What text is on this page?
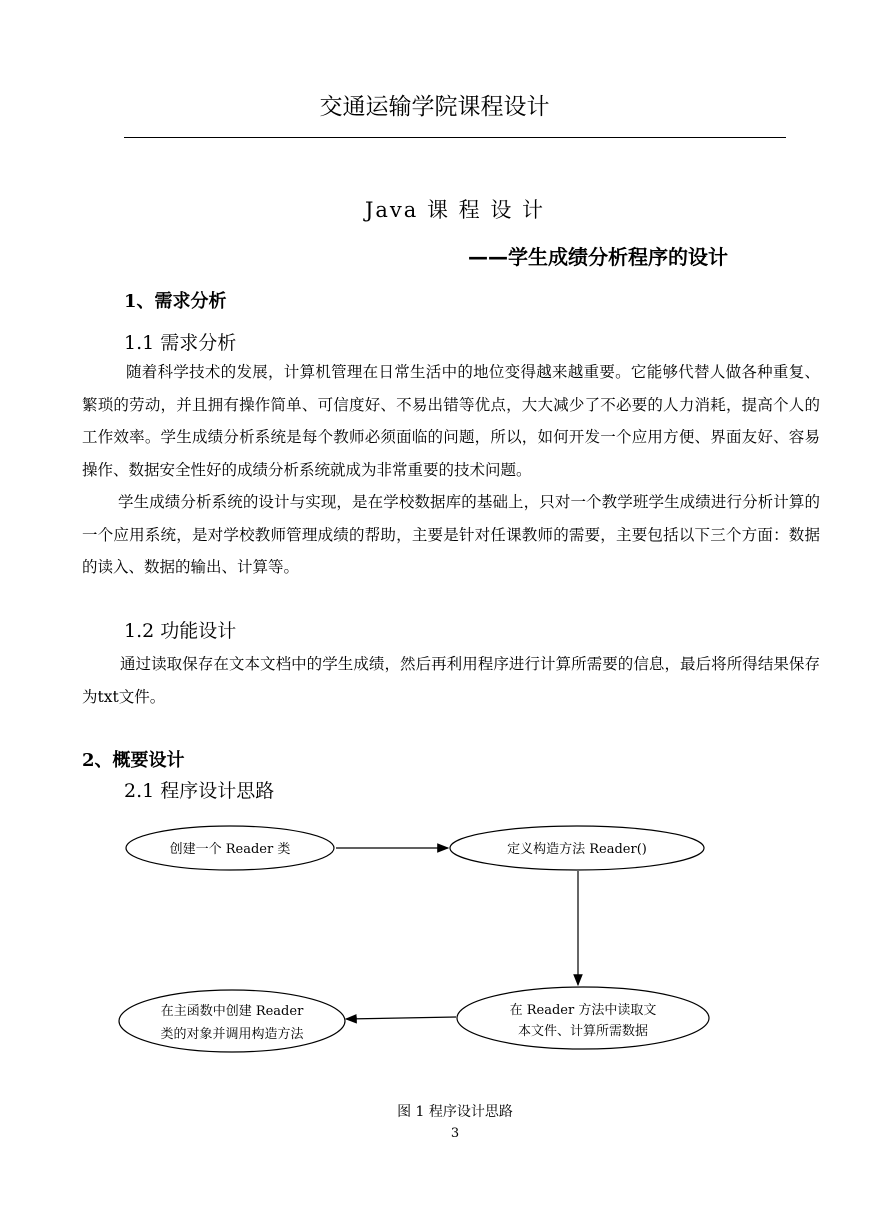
交通运输学院课程设计
Java 课 程 设 计
——学生成绩分析程序的设计
1、需求分析
1.1 需求分析
随着科学技术的发展，计算机管理在日常生活中的地位变得越来越重要。它能够代替人做各种重复、繁琐的劳动，并且拥有操作简单、可信度好、不易出错等优点，大大减少了不必要的人力消耗，提高个人的工作效率。学生成绩分析系统是每个教师必须面临的问题，所以，如何开发一个应用方便、界面友好、容易操作、数据安全性好的成绩分析系统就成为非常重要的技术问题。
学生成绩分析系统的设计与实现，是在学校数据库的基础上，只对一个教学班学生成绩进行分析计算的一个应用系统，是对学校教师管理成绩的帮助，主要是针对任课教师的需要，主要包括以下三个方面：数据的读入、数据的输出、计算等。
1.2 功能设计
通过读取保存在文本文档中的学生成绩，然后再利用程序进行计算所需要的信息，最后将所得结果保存为txt文件。
2、概要设计
2.1 程序设计思路
创建一个 Reader 类	定义构造方法 Reader()
在 Reader 方法中读取文
本文件、计算所需数据
在主函数中创建 Reader
类的对象并调用构造方法
图 1 程序设计思路
3
